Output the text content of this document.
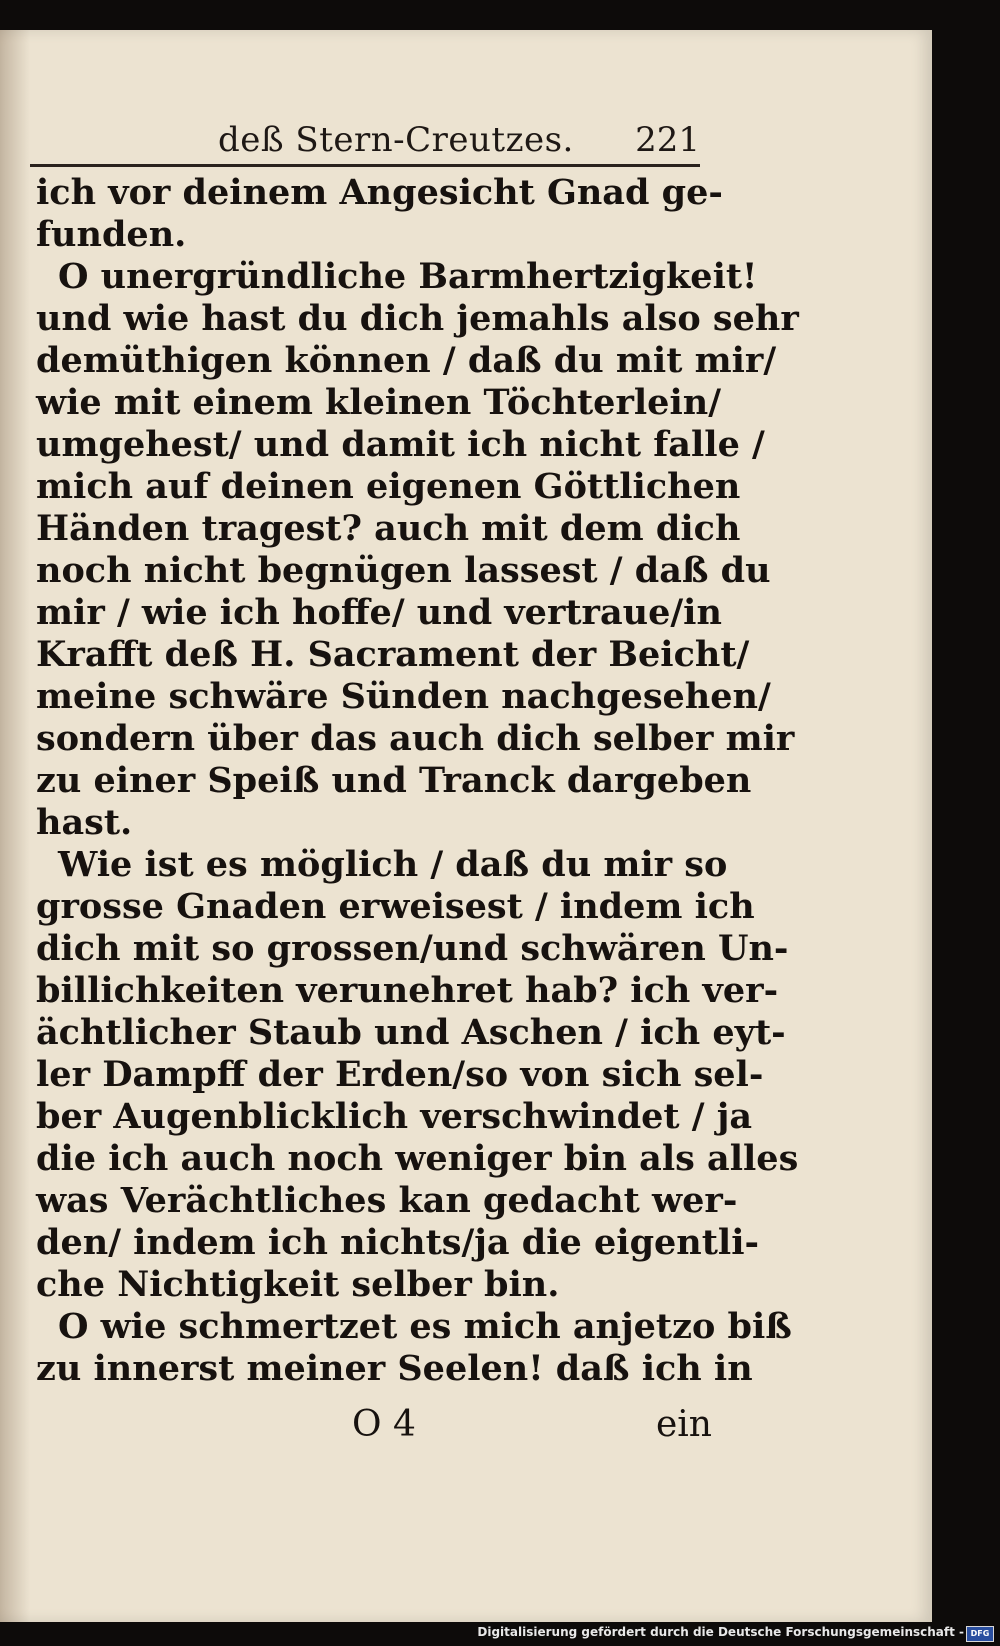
deß Stern-Creutzes. 221
ich vor deinem Angesicht Gnad ge-
funden.
O unergründliche Barmhertzigkeit!
und wie hast du dich jemahls also sehr
demüthigen können / daß du mit mir/
wie mit einem kleinen Töchterlein/
umgehest/ und damit ich nicht falle /
mich auf deinen eigenen Göttlichen
Händen tragest? auch mit dem dich
noch nicht begnügen lassest / daß du
mir / wie ich hoffe/ und vertraue/in
Krafft deß H. Sacrament der Beicht/
meine schwäre Sünden nachgesehen/
sondern über das auch dich selber mir
zu einer Speiß und Tranck dargeben
hast.
Wie ist es möglich / daß du mir so
grosse Gnaden erweisest / indem ich
dich mit so grossen/und schwären Un-
billichkeiten verunehret hab? ich ver-
ächtlicher Staub und Aschen / ich eyt-
ler Dampff der Erden/so von sich sel-
ber Augenblicklich verschwindet / ja
die ich auch noch weniger bin als alles
was Verächtliches kan gedacht wer-
den/ indem ich nichts/ja die eigentli-
che Nichtigkeit selber bin.
O wie schmertzet es mich anjetzo biß
zu innerst meiner Seelen! daß ich in
O 4	ein
Digitalisierung gefördert durch die Deutsche Forschungsgemeinschaft - DFG
